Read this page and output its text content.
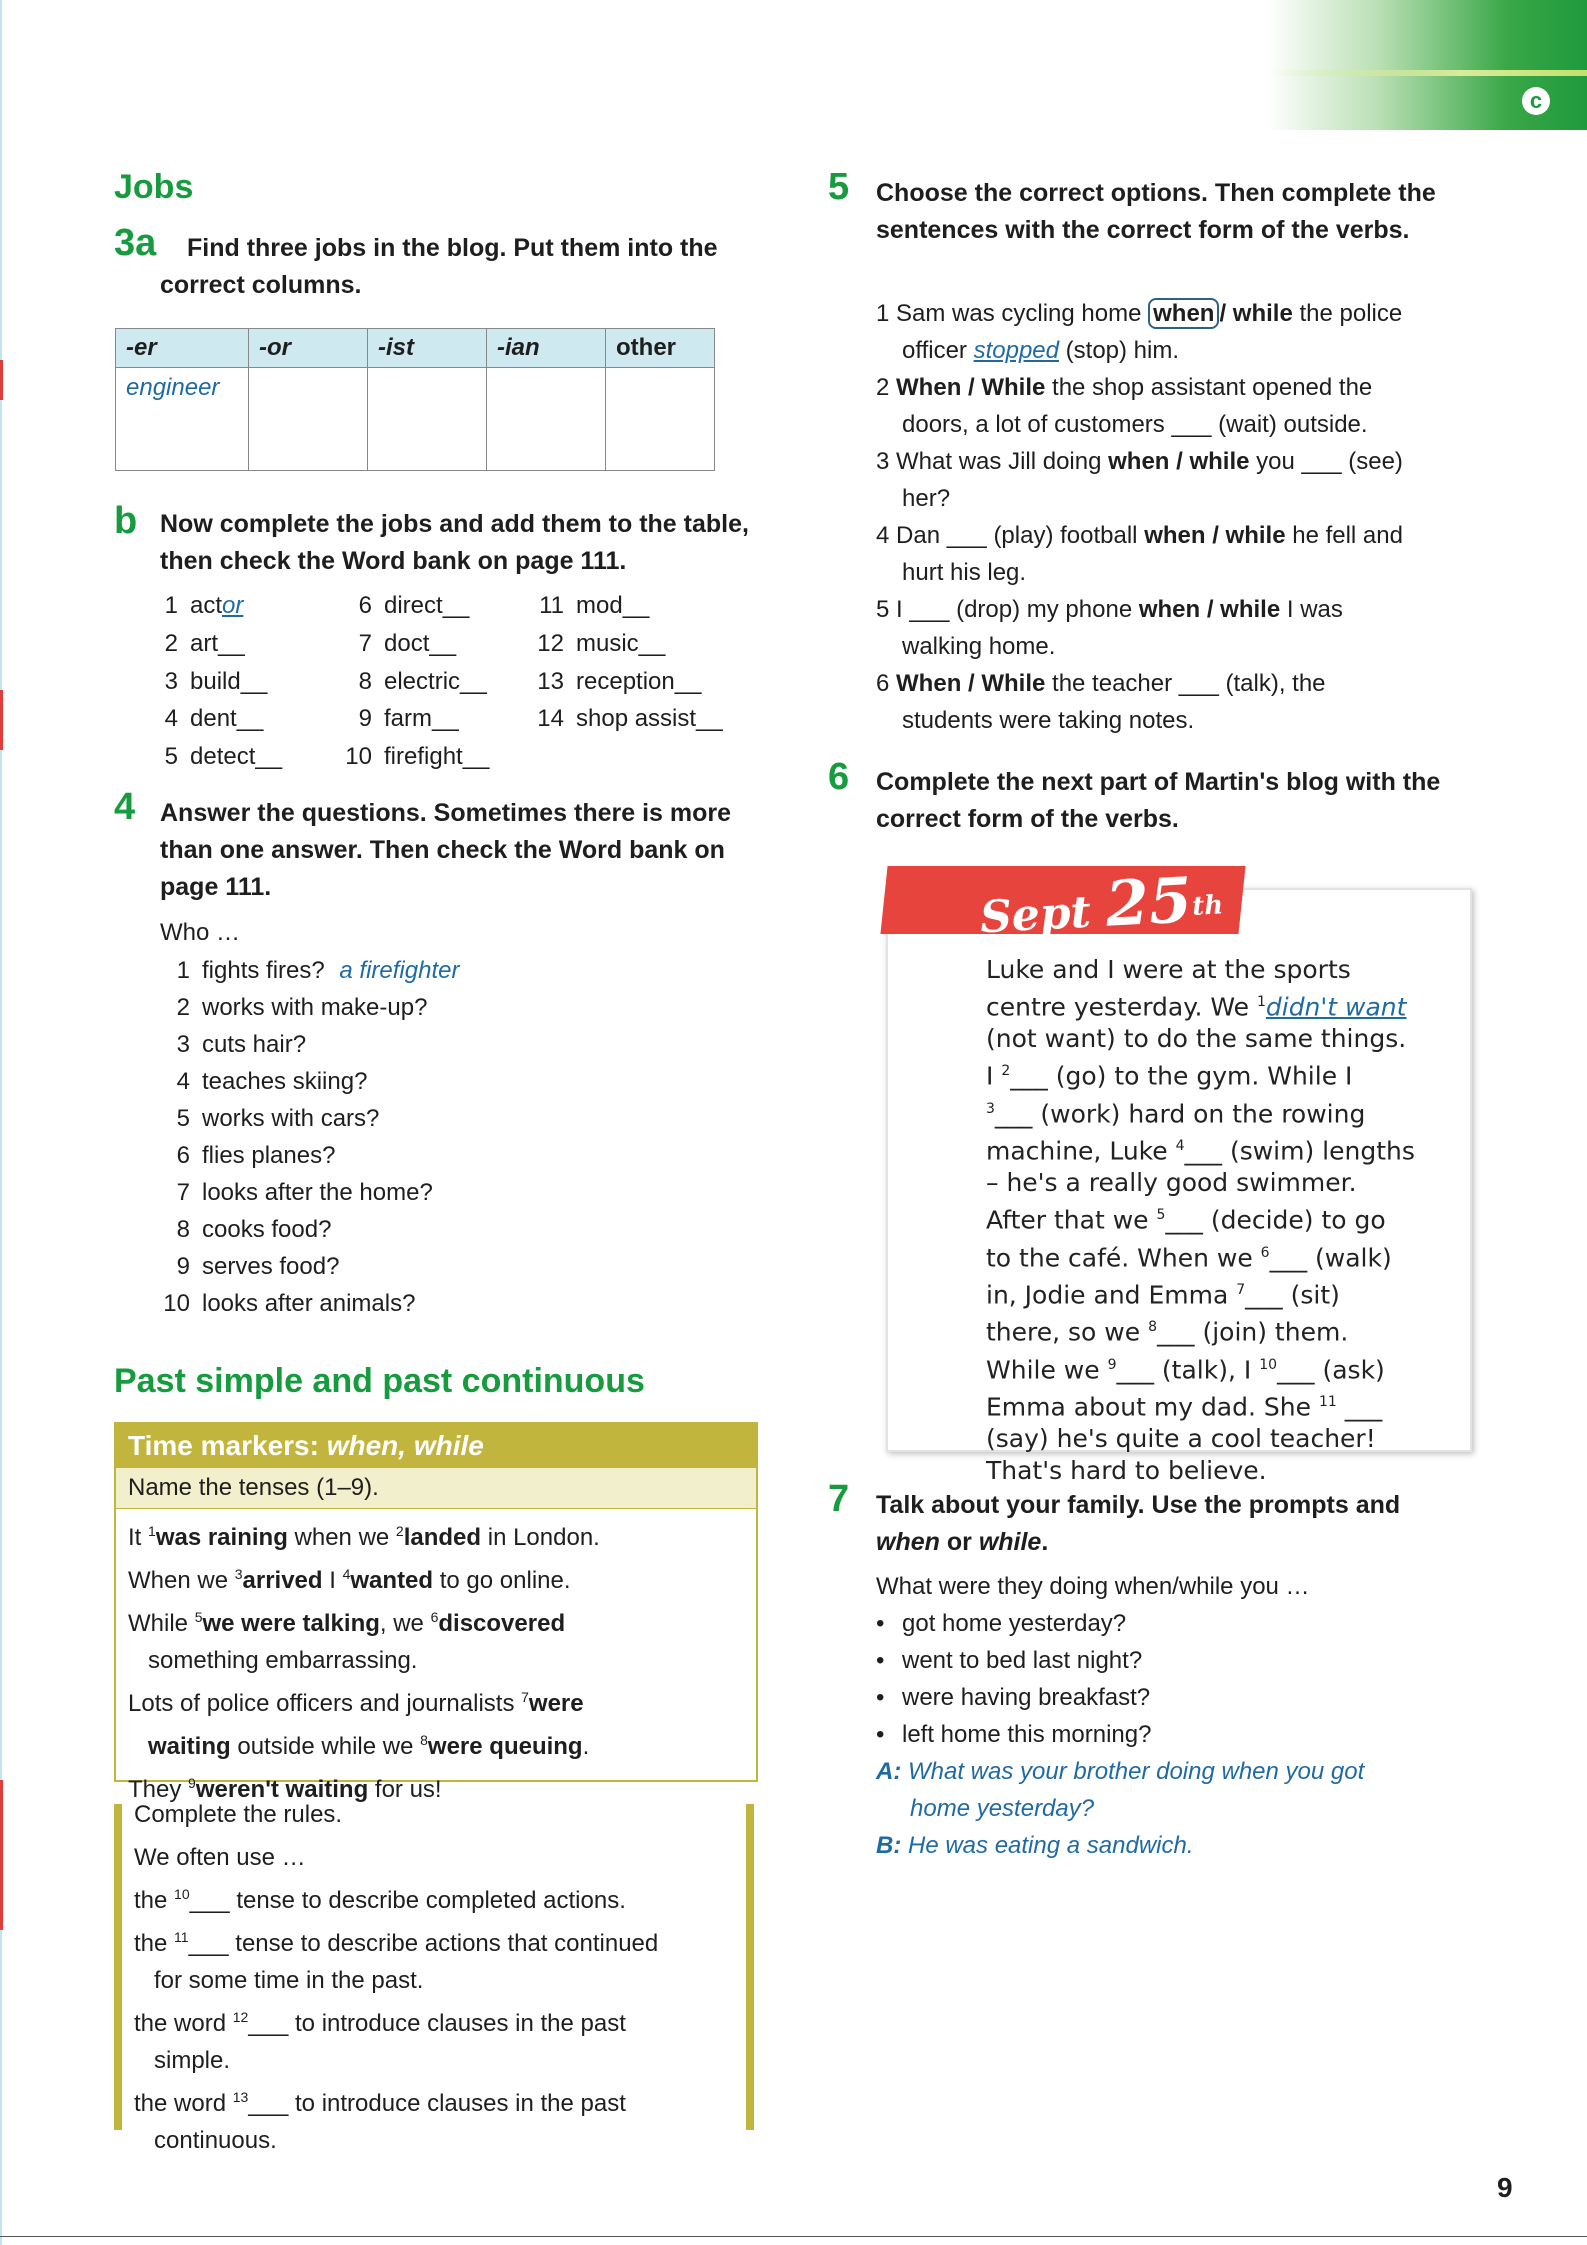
c
Jobs
3a	Find three jobs in the blog. Put them into the correct columns.
-er	-or	-ist	-ian	other
engineer				
b Now complete the jobs and add them to the table, then check the Word bank on page 111.
1 actor
2 art__
3 build__
4 dent__
5 detect__
6 direct__
7 doct__
8 electric__
9 farm__
10 firefight__
11 mod__
12 music__
13 reception__
14 shop assist__
4 Answer the questions. Sometimes there is more than one answer. Then check the Word bank on page 111.
Who …
1 fights fires? a firefighter
2 works with make-up?
3 cuts hair?
4 teaches skiing?
5 works with cars?
6 flies planes?
7 looks after the home?
8 cooks food?
9 serves food?
10 looks after animals?
Past simple and past continuous
Time markers: when, while
Name the tenses (1–9).
It $^1$was raining when we $^2$landed in London.
When we $^3$arrived I $^4$wanted to go online.
While $^5$we were talking, we $^6$discovered
something embarrassing.
Lots of police officers and journalists $^7$were
waiting outside while we $^8$were queuing.
They $^9$weren't waiting for us!
Complete the rules.
We often use …
the $^{10}$___ tense to describe completed actions.
the $^{11}$___ tense to describe actions that continued
for some time in the past.
the word $^{12}$___ to introduce clauses in the past
simple.
the word $^{13}$___ to introduce clauses in the past
continuous.
5 Choose the correct options. Then complete the sentences with the correct form of the verbs.
1 Sam was cycling home when / while the police
officer stopped (stop) him.
2 When / While the shop assistant opened the
doors, a lot of customers ___ (wait) outside.
3 What was Jill doing when / while you ___ (see)
her?
4 Dan ___ (play) football when / while he fell and
hurt his leg.
5 I ___ (drop) my phone when / while I was
walking home.
6 When / While the teacher ___ (talk), the
students were taking notes.
6 Complete the next part of Martin's blog with the correct form of the verbs.
Sept 25th
Luke and I were at the sports
centre yesterday. We $^1$didn't want
(not want) to do the same things.
I $^2$___ (go) to the gym. While I
$^3$___ (work) hard on the rowing
machine, Luke $^4$___ (swim) lengths
– he's a really good swimmer.
After that we $^5$___ (decide) to go
to the café. When we $^6$___ (walk)
in, Jodie and Emma $^7$___ (sit)
there, so we $^8$___ (join) them.
While we $^9$___ (talk), I $^{10}$___ (ask)
Emma about my dad. She $^{11}$ ___
(say) he's quite a cool teacher!
That's hard to believe.
7 Talk about your family. Use the prompts and
when or while.
What were they doing when/while you …
• got home yesterday?
• went to bed last night?
• were having breakfast?
• left home this morning?
A: What was your brother doing when you got
home yesterday?
B: He was eating a sandwich.
9
